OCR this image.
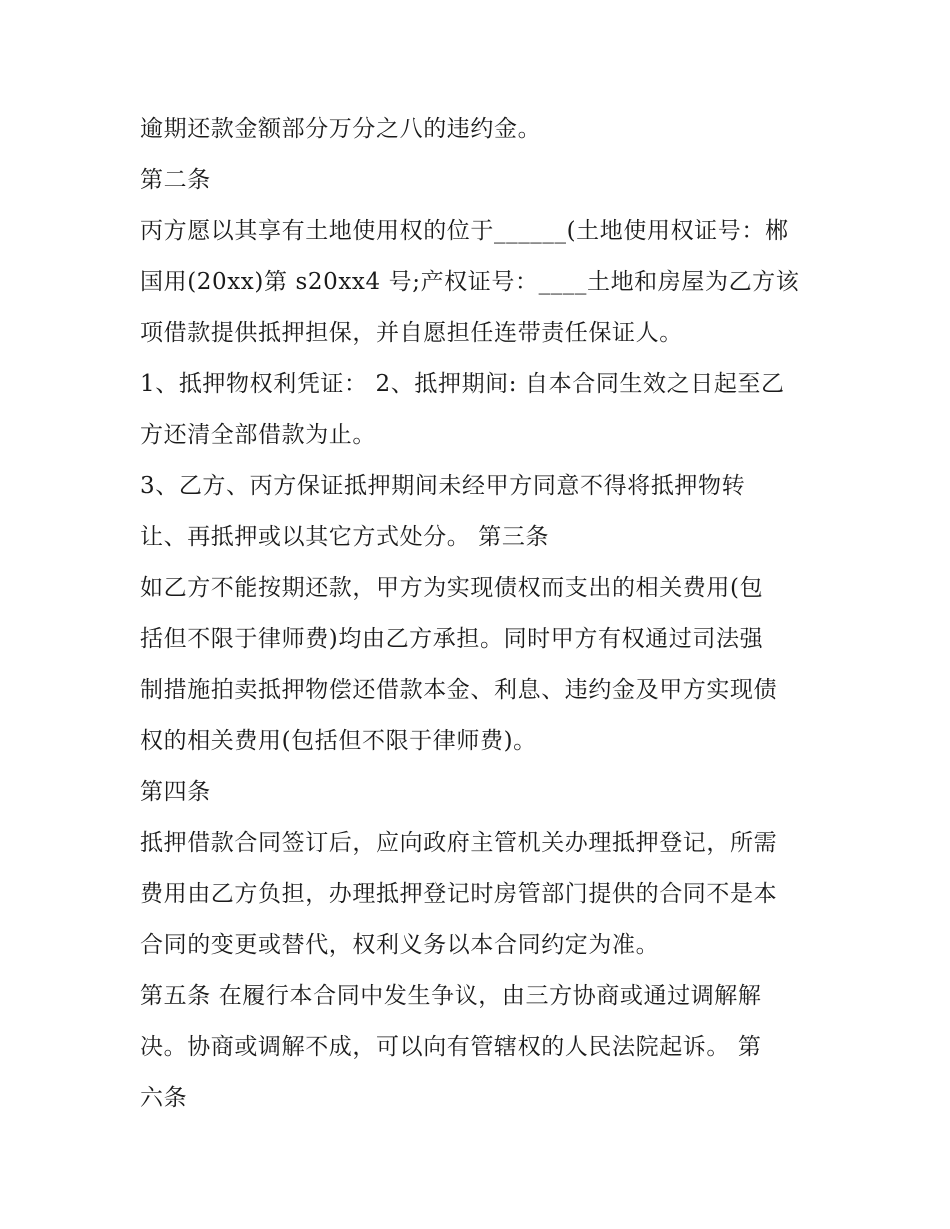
逾期还款金额部分万分之八的违约金。
第二条
丙方愿以其享有土地使用权的位于______(土地使用权证号：郴
国用(20xx)第 s20xx4 号;产权证号：____土地和房屋为乙方该
项借款提供抵押担保，并自愿担任连带责任保证人。
1、抵押物权利凭证： 2、抵押期间: 自本合同生效之日起至乙
方还清全部借款为止。
3、乙方、丙方保证抵押期间未经甲方同意不得将抵押物转
让、再抵押或以其它方式处分。 第三条
如乙方不能按期还款，甲方为实现债权而支出的相关费用(包
括但不限于律师费)均由乙方承担。同时甲方有权通过司法强
制措施拍卖抵押物偿还借款本金、利息、违约金及甲方实现债
权的相关费用(包括但不限于律师费)。
第四条
抵押借款合同签订后，应向政府主管机关办理抵押登记，所需
费用由乙方负担，办理抵押登记时房管部门提供的合同不是本
合同的变更或替代，权利义务以本合同约定为准。
第五条 在履行本合同中发生争议，由三方协商或通过调解解
决。协商或调解不成，可以向有管辖权的人民法院起诉。 第
六条
